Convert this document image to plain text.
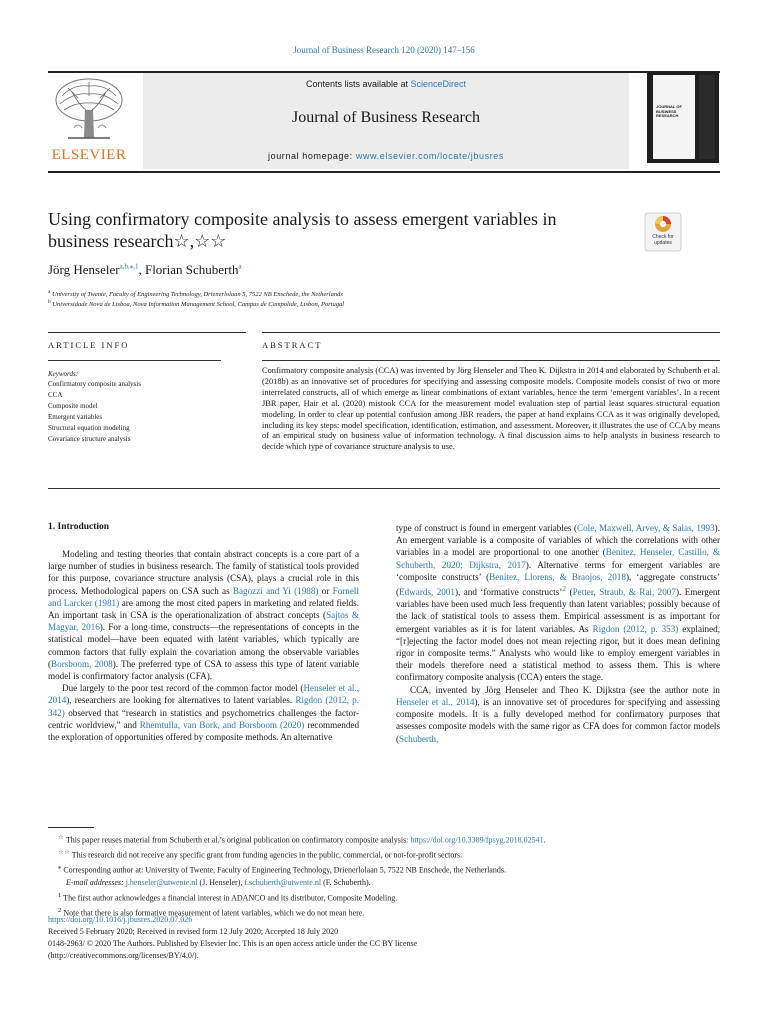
Journal of Business Research 120 (2020) 147–156
ELSEVIER
Contents lists available at ScienceDirect
Journal of Business Research
journal homepage: www.elsevier.com/locate/jbusres
JOURNAL OF BUSINESS RESEARCH
Using confirmatory composite analysis to assess emergent variables in business research☆,☆☆	Check for updates
Jörg Henseler$^{a,b,⁎,1}$, Florian Schuberth$^a$
$^a$ University of Twente, Faculty of Engineering Technology, Drienerlolaan 5, 7522 NB Enschede, the Netherlands
$^b$ Universidade Nova de Lisboa, Nova Information Management School, Campus de Campolide, Lisbon, Portugal
ARTICLE INFO
Keywords:
Confirmatory composite analysis
CCA
Composite model
Emergent variables
Structural equation modeling
Covariance structure analysis
ABSTRACT
Confirmatory composite analysis (CCA) was invented by Jörg Henseler and Theo K. Dijkstra in 2014 and elaborated by Schuberth et al. (2018b) as an innovative set of procedures for specifying and assessing composite models. Composite models consist of two or more interrelated constructs, all of which emerge as linear combinations of extant variables, hence the term ‘emergent variables’. In a recent JBR paper, Hair et al. (2020) mistook CCA for the measurement model evaluation step of partial least squares structural equation modeling. In order to clear up potential confusion among JBR readers, the paper at hand explains CCA as it was originally developed, including its key steps: model specification, identification, estimation, and assessment. Moreover, it illustrates the use of CCA by means of an empirical study on business value of information technology. A final discussion aims to help analysts in business research to decide which type of covariance structure analysis to use.
1. Introduction

Modeling and testing theories that contain abstract concepts is a core part of a large number of studies in business research. The family of statistical tools provided for this purpose, covariance structure analysis (CSA), plays a crucial role in this process. Methodological papers on CSA such as Bagozzi and Yi (1988) or Fornell and Larcker (1981) are among the most cited papers in marketing and related fields. An important task in CSA is the operationalization of abstract concepts (Sajtos & Magyar, 2016). For a long time, constructs—the representations of concepts in the statistical model—have been equated with latent variables, which typically are common factors that fully explain the covariation among the observable variables (Borsboom, 2008). The preferred type of CSA to assess this type of latent variable model is confirmatory factor analysis (CFA).

Due largely to the poor test record of the common factor model (Henseler et al., 2014), researchers are looking for alternatives to latent variables. Rigdon (2012, p. 342) observed that “research in statistics and psychometrics challenges the factor-centric worldview,” and Rhemtulla, van Bork, and Borsboom (2020) recommended the exploration of opportunities offered by composite methods. An alternative

type of construct is found in emergent variables (Cole, Maxwell, Arvey, & Salas, 1993). An emergent variable is a composite of variables of which the correlations with other variables in a model are proportional to one another (Benitez, Henseler, Castillo, & Schuberth, 2020; Dijkstra, 2017). Alternative terms for emergent variables are ‘composite constructs’ (Benitez, Llorens, & Braojos, 2018), ‘aggregate constructs’ (Edwards, 2001), and ‘formative constructs’$^2$ (Petter, Straub, & Rai, 2007). Emergent variables have been used much less frequently than latent variables; possibly because of the lack of statistical tools to assess them. Empirical assessment is as important for emergent variables as it is for latent variables. As Rigdon (2012, p. 353) explained, “[r]ejecting the factor model does not mean rejecting rigor, but it does mean defining rigor in composite terms.” Analysts who would like to employ emergent variables in their models therefore need a statistical method to assess them. This is where confirmatory composite analysis (CCA) enters the stage.

CCA, invented by Jörg Henseler and Theo K. Dijkstra (see the author note in Henseler et al., 2014), is an innovative set of procedures for specifying and assessing composite models. It is a fully developed method for confirmatory purposes that assesses composite models with the same rigor as CFA does for common factor models (Schuberth,

☆ This paper reuses material from Schuberth et al.’s original publication on confirmatory composite analysis: https://doi.org/10.3389/fpsyg.2018.02541.
☆☆ This research did not receive any specific grant from funding agencies in the public, commercial, or not-for-profit sectors.
⁎ Corresponding author at: University of Twente, Faculty of Engineering Technology, Drienerlolaan 5, 7522 NB Enschede, the Netherlands.
E-mail addresses: j.henseler@utwente.nl (J. Henseler), f.schuberth@utwente.nl (F. Schuberth).
$^1$ The first author acknowledges a financial interest in ADANCO and its distributor, Composite Modeling.
$^2$ Note that there is also formative measurement of latent variables, which we do not mean here.
https://doi.org/10.1016/j.jbusres.2020.07.026
Received 5 February 2020; Received in revised form 12 July 2020; Accepted 18 July 2020
0148-2963/ © 2020 The Authors. Published by Elsevier Inc. This is an open access article under the CC BY license
(http://creativecommons.org/licenses/BY/4.0/).
